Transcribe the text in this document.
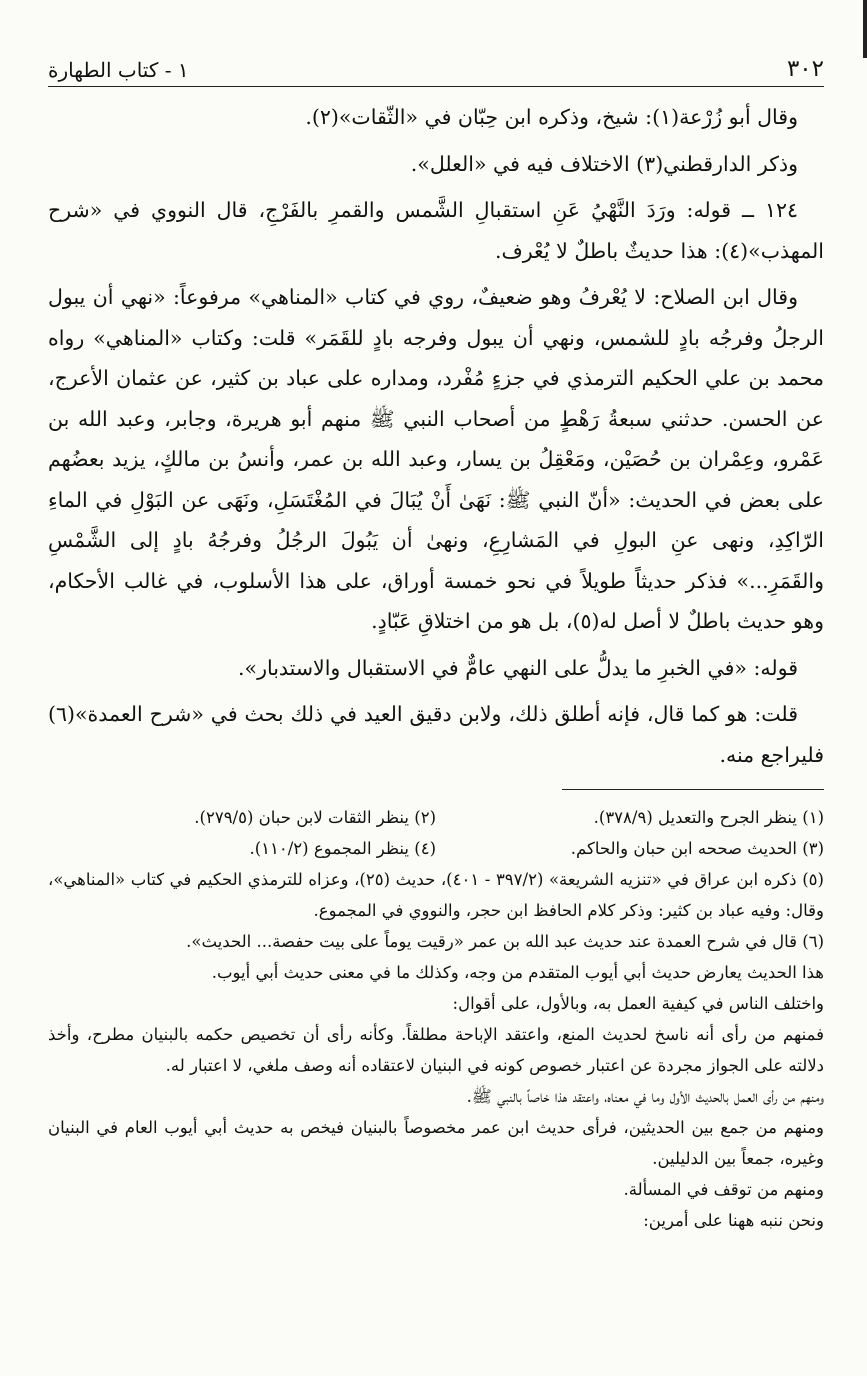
٣٠٢
١ - كتاب الطهارة

وقال أبو زُرْعة(١): شيخ، وذكره ابن حِبّان في «الثّقات»(٢).

وذكر الدارقطني(٣) الاختلاف فيه في «العلل».

١٢٤ ــ قوله: ورَدَ النَّهْيُ عَنِ استقبالِ الشَّمس والقمرِ بالفَرْجِ، قال النووي في «شرح المهذب»(٤): هذا حديثٌ باطلٌ لا يُعْرف.

وقال ابن الصلاح: لا يُعْرفُ وهو ضعيفٌ، روي في كتاب «المناهي» مرفوعاً: «نهي أن يبول الرجلُ وفرجُه بادٍ للشمس، ونهي أن يبول وفرجه بادٍ للقَمَر» قلت: وكتاب «المناهي» رواه محمد بن علي الحكيم الترمذي في جزءٍ مُفْرد، ومداره على عباد بن كثير، عن عثمان الأعرج، عن الحسن. حدثني سبعةُ رَهْطٍ من أصحاب النبي ﷺ منهم أبو هريرة، وجابر، وعبد الله بن عَمْرو، وعِمْران بن حُصَيْن، ومَعْقِلُ بن يسار، وعبد الله بن عمر، وأنسُ بن مالكٍ، يزيد بعضُهم على بعض في الحديث: «أنّ النبي ﷺ: نَهَىٰ أَنْ يُبَالَ في المُغْتَسَلِ، ونَهَى عن البَوْلِ في الماءِ الرّاكِدِ، ونهى عنِ البولِ في المَشارِعِ، ونهىٰ أن يَبُولَ الرجُلُ وفرجُهُ بادٍ إلى الشَّمْسِ والقَمَرِ...» فذكر حديثاً طويلاً في نحو خمسة أوراق، على هذا الأسلوب، في غالب الأحكام، وهو حديث باطلٌ لا أصل له(٥)، بل هو من اختلاقِ عَبّادٍ.

قوله: «في الخبرِ ما يدلُّ على النهي عامٌّ في الاستقبال والاستدبار».

قلت: هو كما قال، فإنه أطلق ذلك، ولابن دقيق العيد في ذلك بحث في «شرح العمدة»(٦) فليراجع منه.

(١) ينظر الجرح والتعديل (٣٧٨/٩).
(٢) ينظر الثقات لابن حبان (٢٧٩/٥).
(٣) الحديث صححه ابن حبان والحاكم.
(٤) ينظر المجموع (١١٠/٢).

(٥) ذكره ابن عراق في «تنزيه الشريعة» (٣٩٧/٢ - ٤٠١)، حديث (٢٥)، وعزاه للترمذي الحكيم في كتاب «المناهي»، وقال: وفيه عباد بن كثير: وذكر كلام الحافظ ابن حجر، والنووي في المجموع.

(٦) قال في شرح العمدة عند حديث عبد الله بن عمر «رقيت يوماً على بيت حفصة... الحديث».

هذا الحديث يعارض حديث أبي أيوب المتقدم من وجه، وكذلك ما في معنى حديث أبي أيوب.

واختلف الناس في كيفية العمل به، وبالأول، على أقوال:

فمنهم من رأى أنه ناسخ لحديث المنع، واعتقد الإباحة مطلقاً. وكأنه رأى أن تخصيص حكمه بالبنيان مطرح، وأخذ دلالته على الجواز مجردة عن اعتبار خصوص كونه في البنيان لاعتقاده أنه وصف ملغي، لا اعتبار له.

ومنهم من رأى العمل بالحديث الأول وما في معناه، واعتقد هذا خاصاً بالنبي ﷺ.

ومنهم من جمع بين الحديثين، فرأى حديث ابن عمر مخصوصاً بالبنيان فيخص به حديث أبي أيوب العام في البنيان وغيره، جمعاً بين الدليلين.

ومنهم من توقف في المسألة.

ونحن ننبه ههنا على أمرين:
